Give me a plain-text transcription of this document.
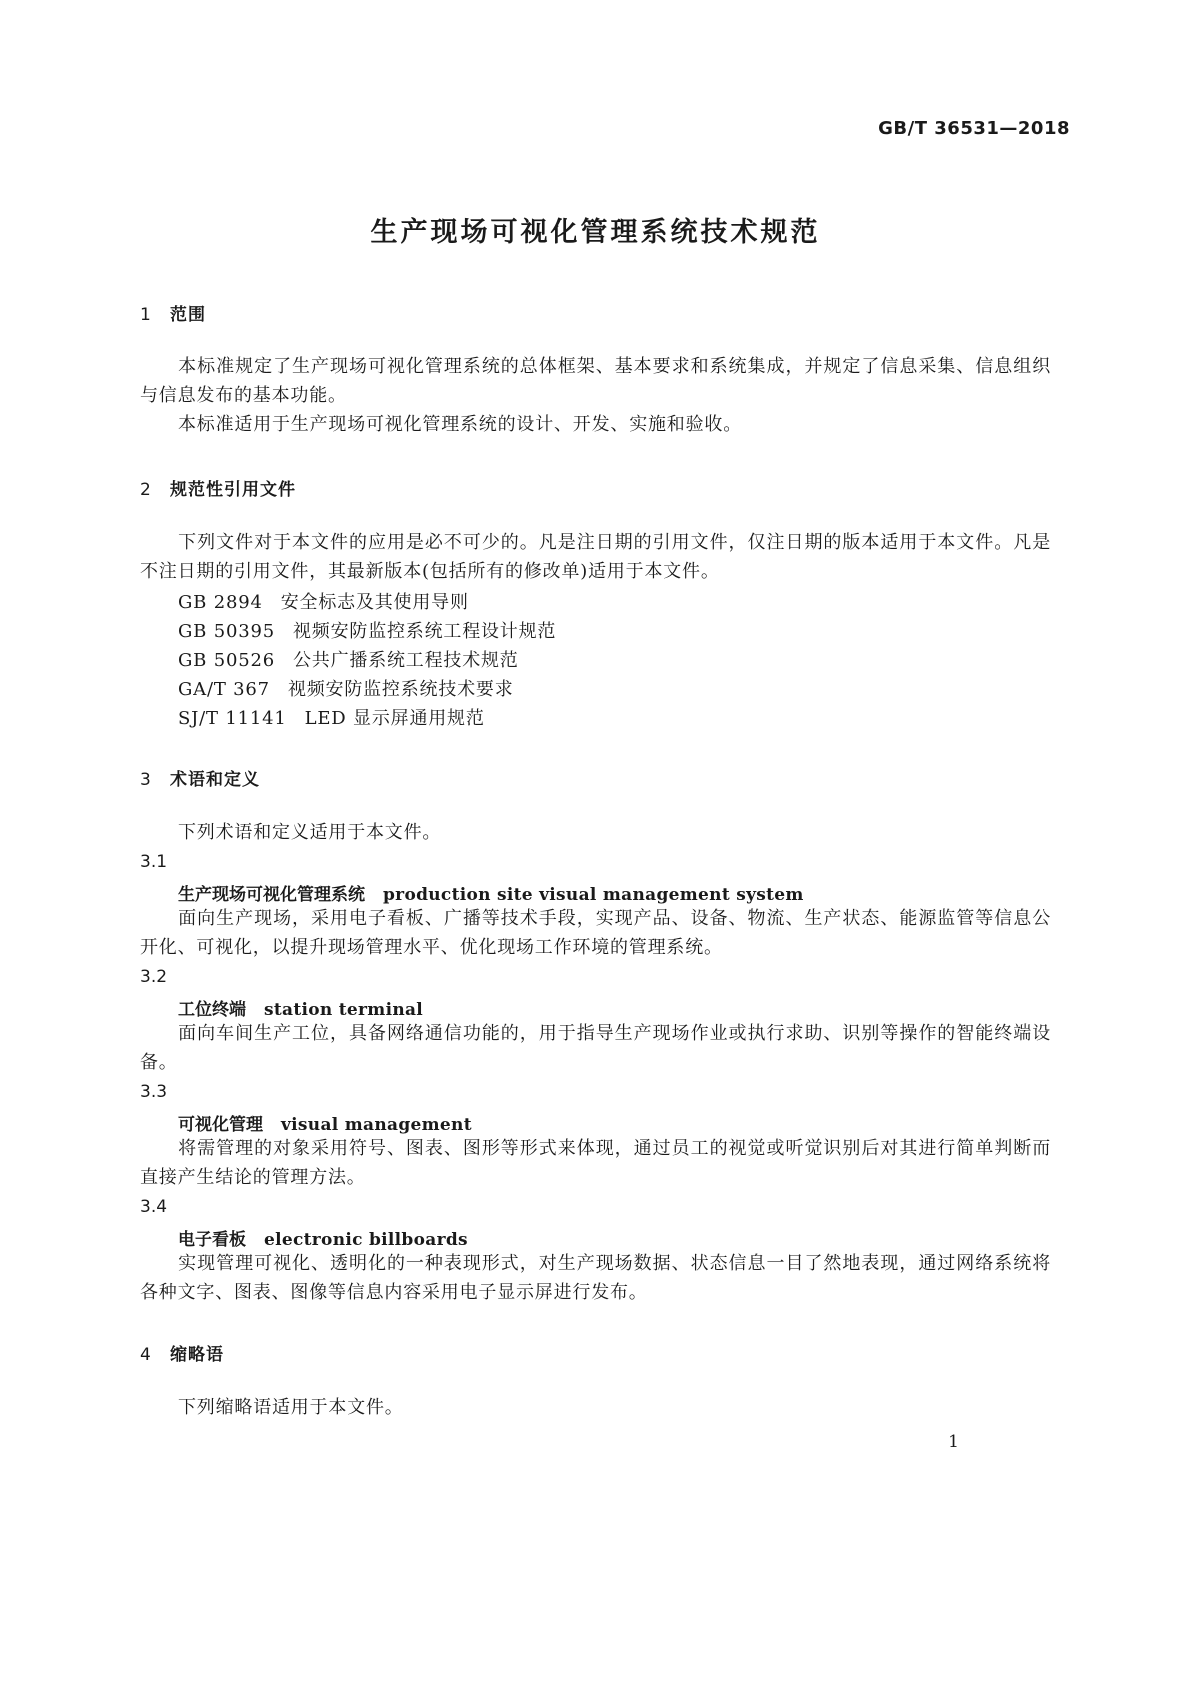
GB/T 36531—2018
生产现场可视化管理系统技术规范
1 范围
本标准规定了生产现场可视化管理系统的总体框架、基本要求和系统集成，并规定了信息采集、信息组织与信息发布的基本功能。
本标准适用于生产现场可视化管理系统的设计、开发、实施和验收。
2 规范性引用文件
下列文件对于本文件的应用是必不可少的。凡是注日期的引用文件，仅注日期的版本适用于本文件。凡是不注日期的引用文件，其最新版本(包括所有的修改单)适用于本文件。
GB 2894 安全标志及其使用导则
GB 50395 视频安防监控系统工程设计规范
GB 50526 公共广播系统工程技术规范
GA/T 367 视频安防监控系统技术要求
SJ/T 11141 LED 显示屏通用规范
3 术语和定义
下列术语和定义适用于本文件。
3.1
生产现场可视化管理系统 production site visual management system
面向生产现场，采用电子看板、广播等技术手段，实现产品、设备、物流、生产状态、能源监管等信息公开化、可视化，以提升现场管理水平、优化现场工作环境的管理系统。
3.2
工位终端 station terminal
面向车间生产工位，具备网络通信功能的，用于指导生产现场作业或执行求助、识别等操作的智能终端设备。
3.3
可视化管理 visual management
将需管理的对象采用符号、图表、图形等形式来体现，通过员工的视觉或听觉识别后对其进行简单判断而直接产生结论的管理方法。
3.4
电子看板 electronic billboards
实现管理可视化、透明化的一种表现形式，对生产现场数据、状态信息一目了然地表现，通过网络系统将各种文字、图表、图像等信息内容采用电子显示屏进行发布。
4 缩略语
下列缩略语适用于本文件。
1
